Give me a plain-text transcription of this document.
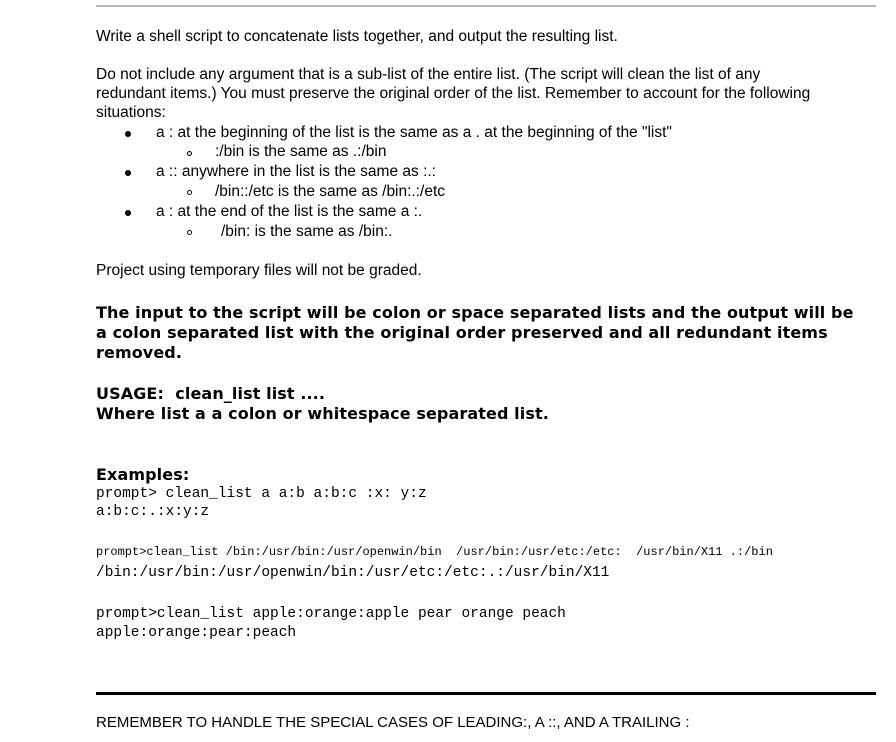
Write a shell script to concatenate lists together, and output the resulting list.
Do not include any argument that is a sub-list of the entire list. (The script will clean the list of any
redundant items.) You must preserve the original order of the list. Remember to account for the following
situations:
a : at the beginning of the list is the same as a . at the beginning of the "list"
:/bin is the same as .:/bin
a :: anywhere in the list is the same as :.:
/bin::/etc is the same as /bin:.:/etc
a : at the end of the list is the same a :.
/bin: is the same as /bin:.
Project using temporary files will not be graded.
The input to the script will be colon or space separated lists and the output will be
a colon separated list with the original order preserved and all redundant items
removed.
USAGE:  clean_list list ....
Where list a a colon or whitespace separated list.
Examples:
prompt> clean_list a a:b a:b:c :x: y:z
a:b:c:.:x:y:z
prompt>clean_list /bin:/usr/bin:/usr/openwin/bin  /usr/bin:/usr/etc:/etc:  /usr/bin/X11 .:/bin
/bin:/usr/bin:/usr/openwin/bin:/usr/etc:/etc:.:/usr/bin/X11
prompt>clean_list apple:orange:apple pear orange peach
apple:orange:pear:peach
REMEMBER TO HANDLE THE SPECIAL CASES OF LEADING:, A ::, AND A TRAILING :
